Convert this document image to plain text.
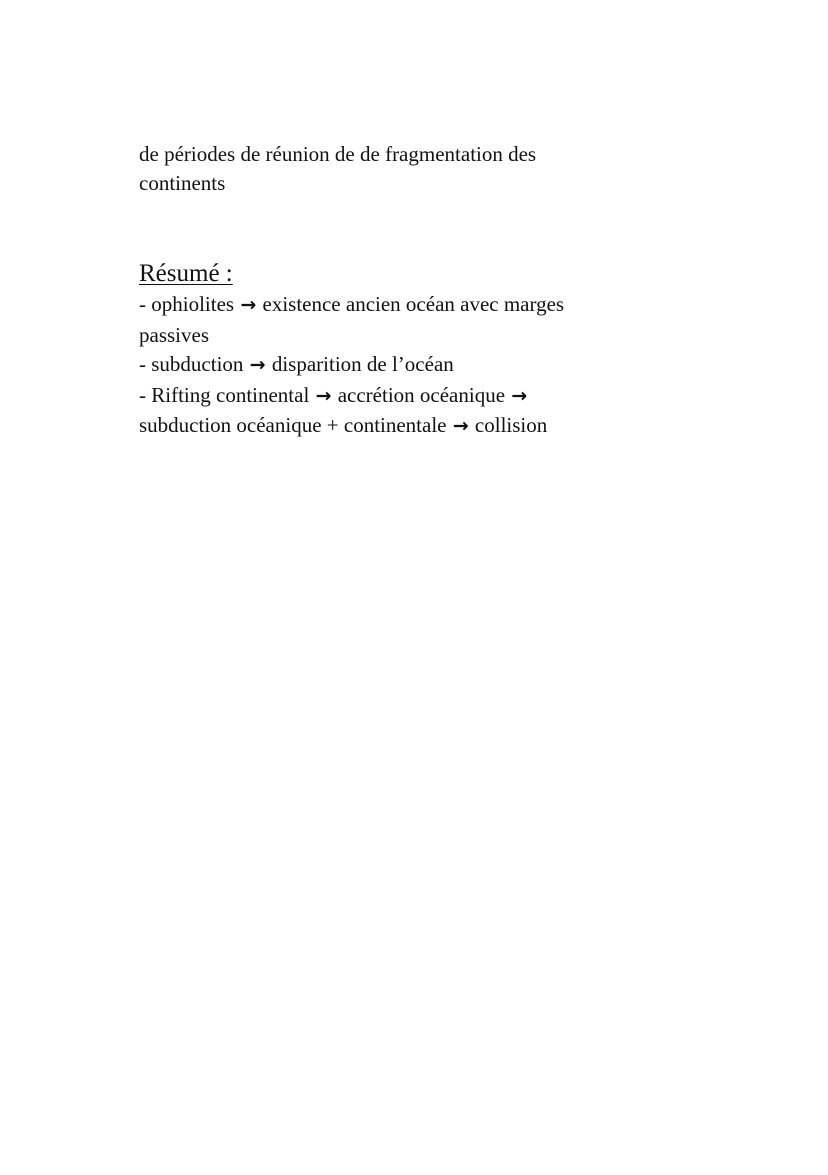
de périodes de réunion de de fragmentation des

continents

Résumé :
- ophiolites → existence ancien océan avec marges
passives
- subduction → disparition de l’océan
- Rifting continental → accrétion océanique →
subduction océanique + continentale → collision
